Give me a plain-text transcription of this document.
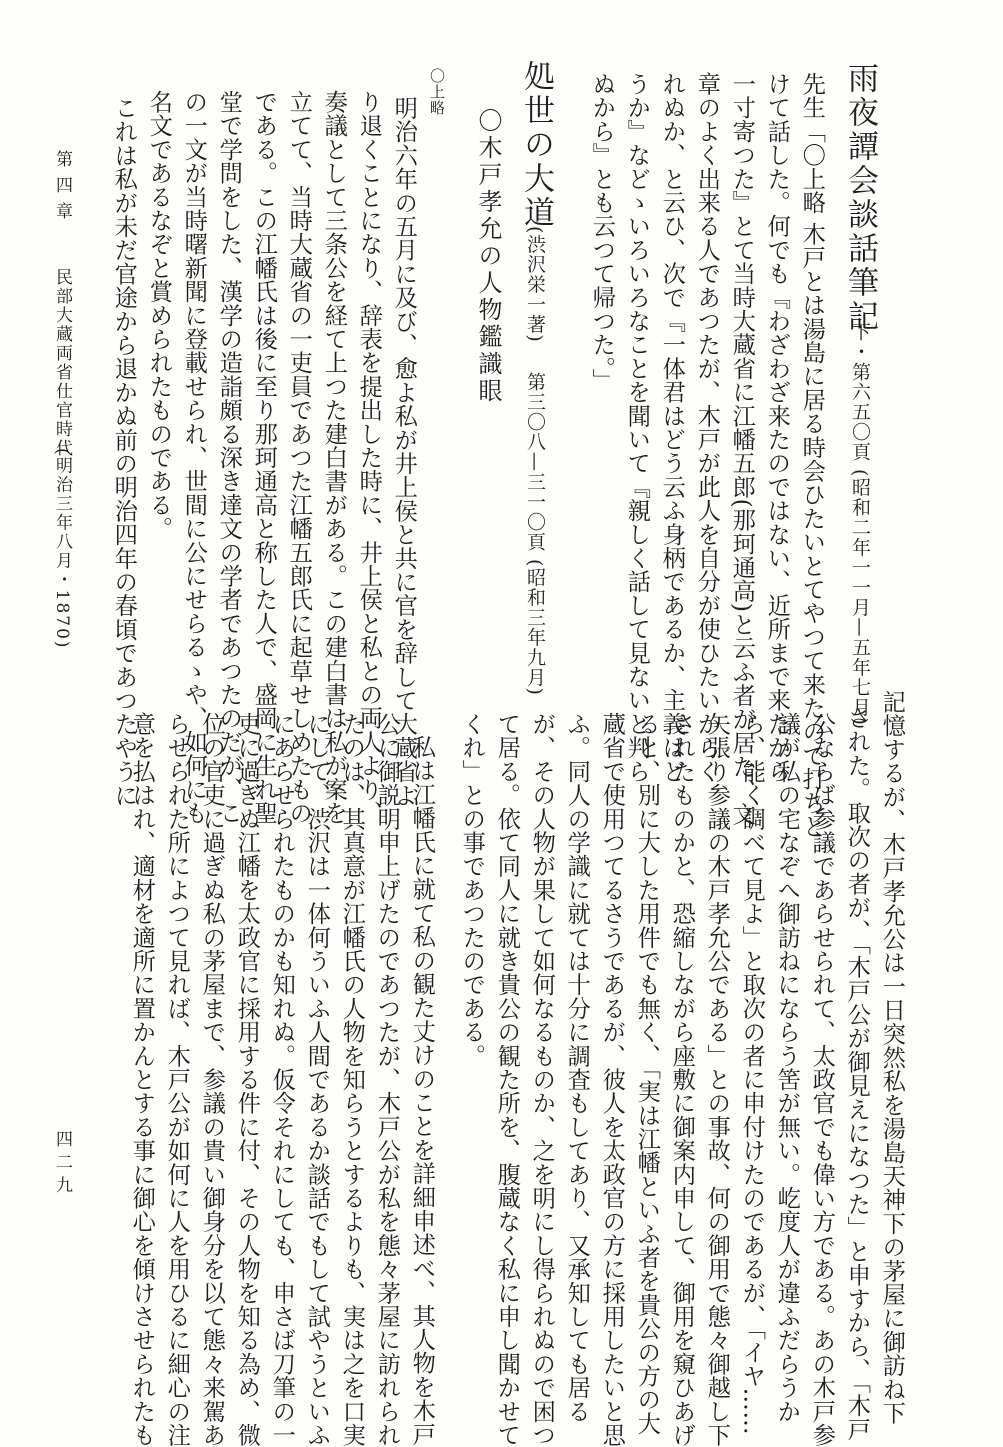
雨夜譚会談話筆記
下・第六五〇頁 (昭和二年一一月—五年七月)
先生「〇上略 木戸とは湯島に居る時会ひたいとてやつて来たので打ちと
けて話した。何でも『わざわざ来たのではない、近所まで来たから
一寸寄つた』とて当時大蔵省に江幡五郎(那珂通高)と云ふ者が居た、文
章のよく出来る人であつたが、木戸が此人を自分が使ひたいからく
れぬか、と云ひ、次で『一体君はどう云ふ身柄であるか、主義はど
うか』などゝいろいろなことを聞いて『親しく話して見ないと判ら
ぬから』とも云つて帰つた。」
処世の大道
(渋沢栄一著)
第三〇八—三一〇頁 (昭和三年九月)
〇木戸孝允の人物鑑識眼
〇上略
明治六年の五月に及び、愈よ私が井上侯と共に官を辞して大蔵省よ
り退くことになり、辞表を提出した時に、井上侯と私との両人より、
奏議として三条公を経て上つた建白書がある。この建白書は私が案を
立てて、当時大蔵省の一吏員であつた江幡五郎氏に起草せしめたもの
である。この江幡氏は後に至り那珂通高と称した人で、盛岡に生れ聖
堂で学問をした、漢学の造詣頗る深き達文の学者であつたのだが、こ
の一文が当時曙新聞に登載せられ、世間に公にせらるゝや、如何にも
名文であるなぞと賞められたものである。
これは私が未だ官途から退かぬ前の明治四年の春頃であつたやうに
第四章
民部大蔵両省仕官時代
(明治三年八月・1870)
記憶するが、木戸孝允公は一日突然私を湯島天神下の茅屋に御訪ね下
された。取次の者が、「木戸公が御見えになつた」と申すから、「木戸
公ならば参議であらせられて、太政官でも偉い方である。あの木戸参
議が私の宅なぞへ御訪ねにならう筈が無い。屹度人が違ふだらうか
ら、能く調べて見よ」と取次の者に申付けたのであるが、「イヤ……
矢張り参議の木戸孝允公である」との事故、何の御用で態々御越し下
されたものかと、恐縮しながら座敷に御案内申して、御用を窺ひあげ
ると、別に大した用件でも無く、「実は江幡といふ者を貴公の方の大
蔵省で使用つてるさうであるが、彼人を太政官の方に採用したいと思
ふ。同人の学識に就ては十分に調査もしてあり、又承知しても居る
が、その人物が果して如何なるものか、之を明にし得られぬので困つ
て居る。依て同人に就き貴公の観た所を、腹蔵なく私に申し聞かせて
くれ」との事であつたのである。
私は江幡氏に就て私の観た丈けのことを詳細申述べ、其人物を木戸
公に御説明申上げたのであつたが、木戸公が私を態々茅屋に訪れられ
たのは、其真意が江幡氏の人物を知らうとするよりも、実は之を口実
にして、渋沢は一体何ういふ人間であるか談話でもして試やうといふ
にあらせられたものかも知れぬ。仮令それにしても、申さば刀筆の一
吏に過ぎぬ江幡を太政官に採用する件に付、その人物を知る為め、微
位の官吏に過ぎぬ私の茅屋まで、参議の貴い御身分を以て態々来駕あ
らせられた所によつて見れば、木戸公が如何に人を用ひるに細心の注
意を払はれ、適材を適所に置かんとする事に御心を傾けさせられたも
四二九
